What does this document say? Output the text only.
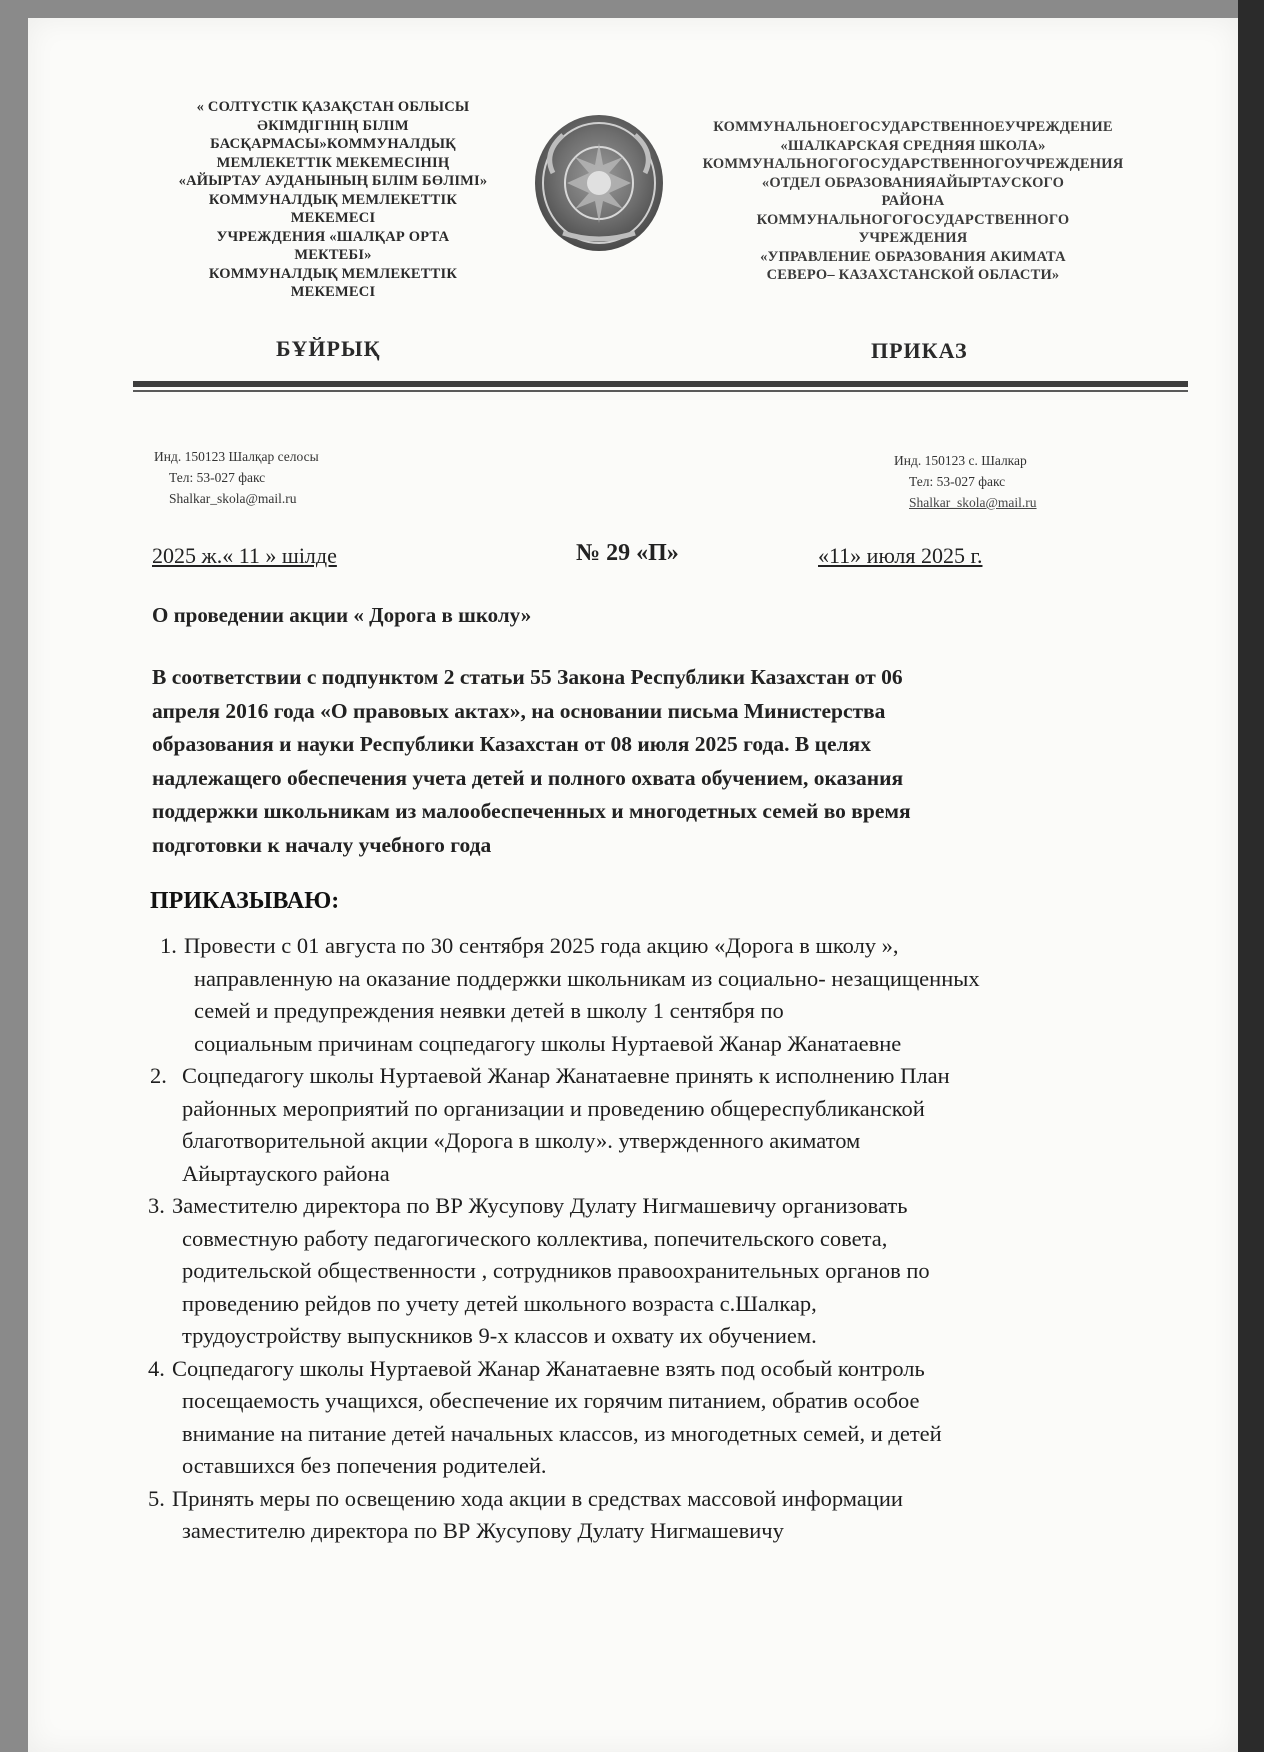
« СОЛТҮСТІК ҚАЗАҚСТАН ОБЛЫСЫ
ӘКІМДІГІНІҢ БІЛІМ
БАСҚАРМАСЫ»КОММУНАЛДЫҚ
МЕМЛЕКЕТТІК МЕКЕМЕСІНІҢ
«АЙЫРТАУ АУДАНЫНЫҢ БІЛІМ БӨЛІМІ»
КОММУНАЛДЫҚ МЕМЛЕКЕТТІК
МЕКЕМЕСІ
УЧРЕЖДЕНИЯ «ШАЛҚАР ОРТА
МЕКТЕБІ»
КОММУНАЛДЫҚ МЕМЛЕКЕТТІК
МЕКЕМЕСІ
КОММУНАЛЬНОЕГОСУДАРСТВЕННОЕУЧРЕЖДЕНИЕ
«ШАЛКАРСКАЯ СРЕДНЯЯ ШКОЛА»
КОММУНАЛЬНОГОГОСУДАРСТВЕННОГОУЧРЕЖДЕНИЯ
«ОТДЕЛ ОБРАЗОВАНИЯАЙЫРТАУСКОГО
РАЙОНА
КОММУНАЛЬНОГОГОСУДАРСТВЕННОГО
УЧРЕЖДЕНИЯ
«УПРАВЛЕНИЕ ОБРАЗОВАНИЯ АКИМАТА
СЕВЕРО– КАЗАХСТАНСКОЙ ОБЛАСТИ»
БҰЙРЫҚ	ПРИКАЗ
Инд. 150123 Шалқар селосы
Тел: 53-027 факс
Shalkar_skola@mail.ru
Инд. 150123 с. Шалкар
Тел: 53-027 факс
Shalkar_skola@mail.ru
2025 ж.« 11 » шілде	№ 29 «П»	«11» июля 2025 г.
О проведении акции « Дорога в школу»
В соответствии с подпунктом 2 статьи 55 Закона Республики Казахстан от 06
апреля 2016 года «О правовых актах», на основании письма Министерства
образования и науки Республики Казахстан от 08 июля 2025 года. В целях
надлежащего обеспечения учета детей и полного охвата обучением, оказания
поддержки школьникам из малообеспеченных и многодетных семей во время
подготовки к началу учебного года
ПРИКАЗЫВАЮ:
1. Провести с 01 августа по 30 сентября 2025 года акцию «Дорога в школу »,
направленную на оказание поддержки школьникам из социально- незащищенных
семей и предупреждения неявки детей в школу 1 сентября по
социальным причинам соцпедагогу школы Нуртаевой Жанар Жанатаевне
2. Соцпедагогу школы Нуртаевой Жанар Жанатаевне принять к исполнению План
районных мероприятий по организации и проведению общереспубликанской
благотворительной акции «Дорога в школу». утвержденного акиматом
Айыртауского района
3. Заместителю директора по ВР Жусупову Дулату Нигмашевичу организовать
совместную работу педагогического коллектива, попечительского совета,
родительской общественности , сотрудников правоохранительных органов по
проведению рейдов по учету детей школьного возраста с.Шалкар,
трудоустройству выпускников 9-х классов и охвату их обучением.
4. Соцпедагогу школы Нуртаевой Жанар Жанатаевне взять под особый контроль
посещаемость учащихся, обеспечение их горячим питанием, обратив особое
внимание на питание детей начальных классов, из многодетных семей, и детей
оставшихся без попечения родителей.
5. Принять меры по освещению хода акции в средствах массовой информации
заместителю директора по ВР Жусупову Дулату Нигмашевичу
